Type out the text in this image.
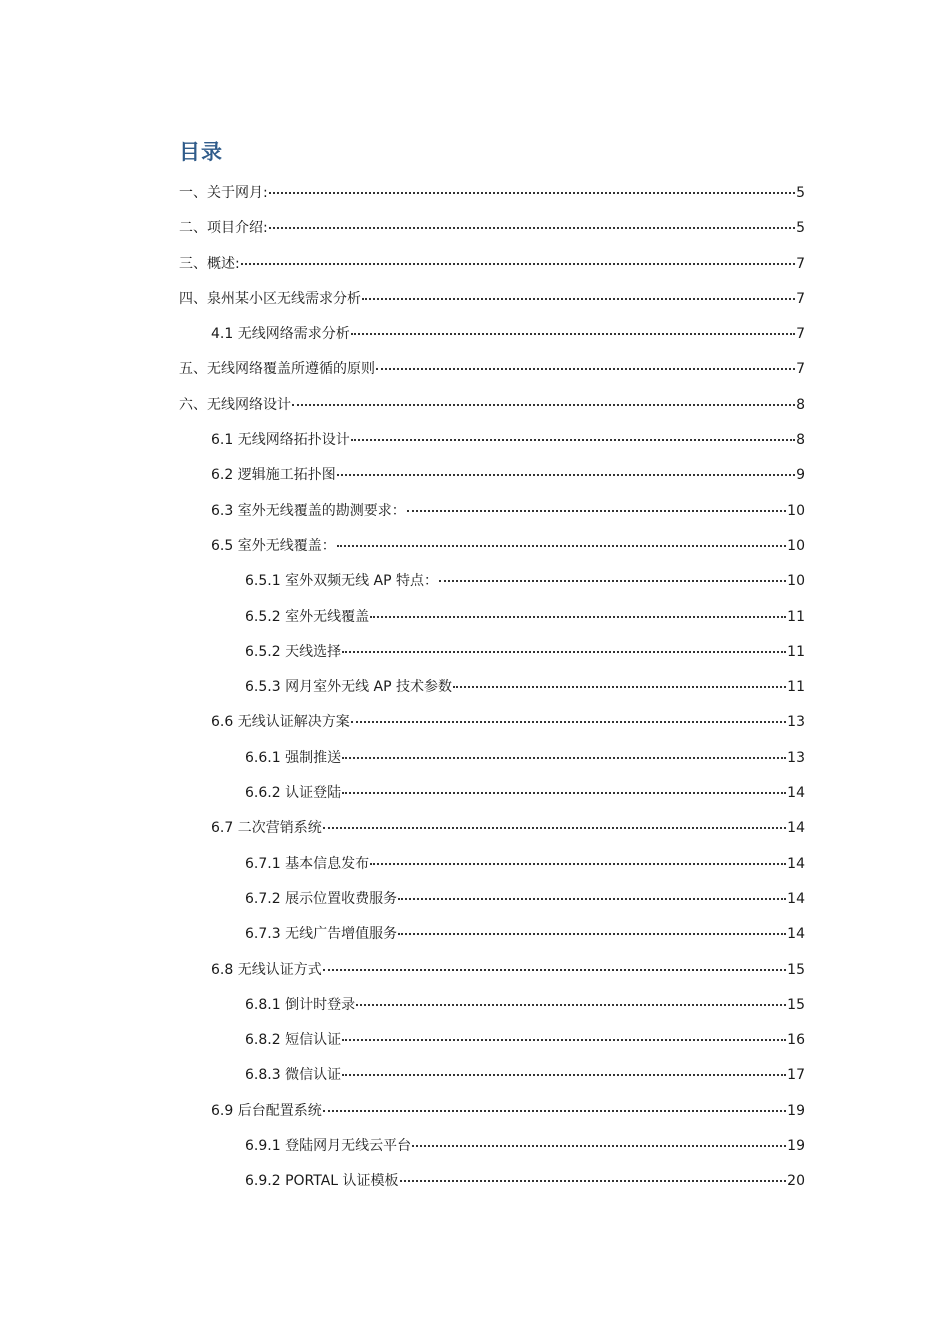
目录
一、关于网月:	5
二、项目介绍:	5
三、概述:	7
四、泉州某小区无线需求分析	7
4.1 无线网络需求分析	7
五、无线网络覆盖所遵循的原则	7
六、无线网络设计	8
6.1 无线网络拓扑设计	8
6.2 逻辑施工拓扑图	9
6.3 室外无线覆盖的勘测要求：	10
6.5 室外无线覆盖：	10
6.5.1 室外双频无线 AP 特点：	10
6.5.2 室外无线覆盖	11
6.5.2 天线选择	11
6.5.3 网月室外无线 AP 技术参数	11
6.6 无线认证解决方案	13
6.6.1 强制推送	13
6.6.2 认证登陆	14
6.7 二次营销系统	14
6.7.1 基本信息发布	14
6.7.2 展示位置收费服务	14
6.7.3 无线广告增值服务	14
6.8 无线认证方式	15
6.8.1 倒计时登录	15
6.8.2 短信认证	16
6.8.3 微信认证	17
6.9 后台配置系统	19
6.9.1 登陆网月无线云平台	19
6.9.2 PORTAL 认证模板	20
